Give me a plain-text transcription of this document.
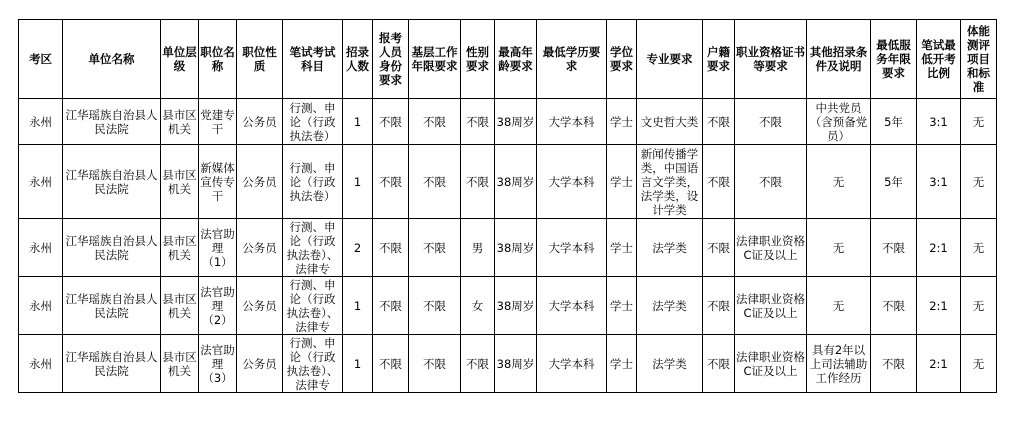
考区	单位名称	单位层级	职位名称	职位性质	笔试考试科目	招录人数	报考人员身份要求	基层工作年限要求	性别要求	最高年龄要求	最低学历要求	学位要求	专业要求	户籍要求	职业资格证书等要求	其他招录条件及说明	最低服务年限要求	笔试最低开考比例	体能测评项目和标准
永州	江华瑶族自治县人民法院	县市区机关	党建专干	公务员	行测、申论（行政执法卷）	1	不限	不限	不限	38周岁	大学本科	学士	文史哲大类	不限	不限	中共党员（含预备党员）	5年	3:1	无
永州	江华瑶族自治县人民法院	县市区机关	新媒体宣传专干	公务员	行测、申论（行政执法卷）	1	不限	不限	不限	38周岁	大学本科	学士	新闻传播学类，中国语言文学类，法学类，设计学类	不限	不限	无	5年	3:1	无
永州	江华瑶族自治县人民法院	县市区机关	法官助理（1）	公务员	行测、申论（行政执法卷）、法律专	2	不限	不限	男	38周岁	大学本科	学士	法学类	不限	法律职业资格C证及以上	无	不限	2:1	无
永州	江华瑶族自治县人民法院	县市区机关	法官助理（2）	公务员	行测、申论（行政执法卷）、法律专	1	不限	不限	女	38周岁	大学本科	学士	法学类	不限	法律职业资格C证及以上	无	不限	2:1	无
永州	江华瑶族自治县人民法院	县市区机关	法官助理（3）	公务员	行测、申论（行政执法卷）、法律专	1	不限	不限	不限	38周岁	大学本科	学士	法学类	不限	法律职业资格C证及以上	具有2年以上司法辅助工作经历	不限	2:1	无
